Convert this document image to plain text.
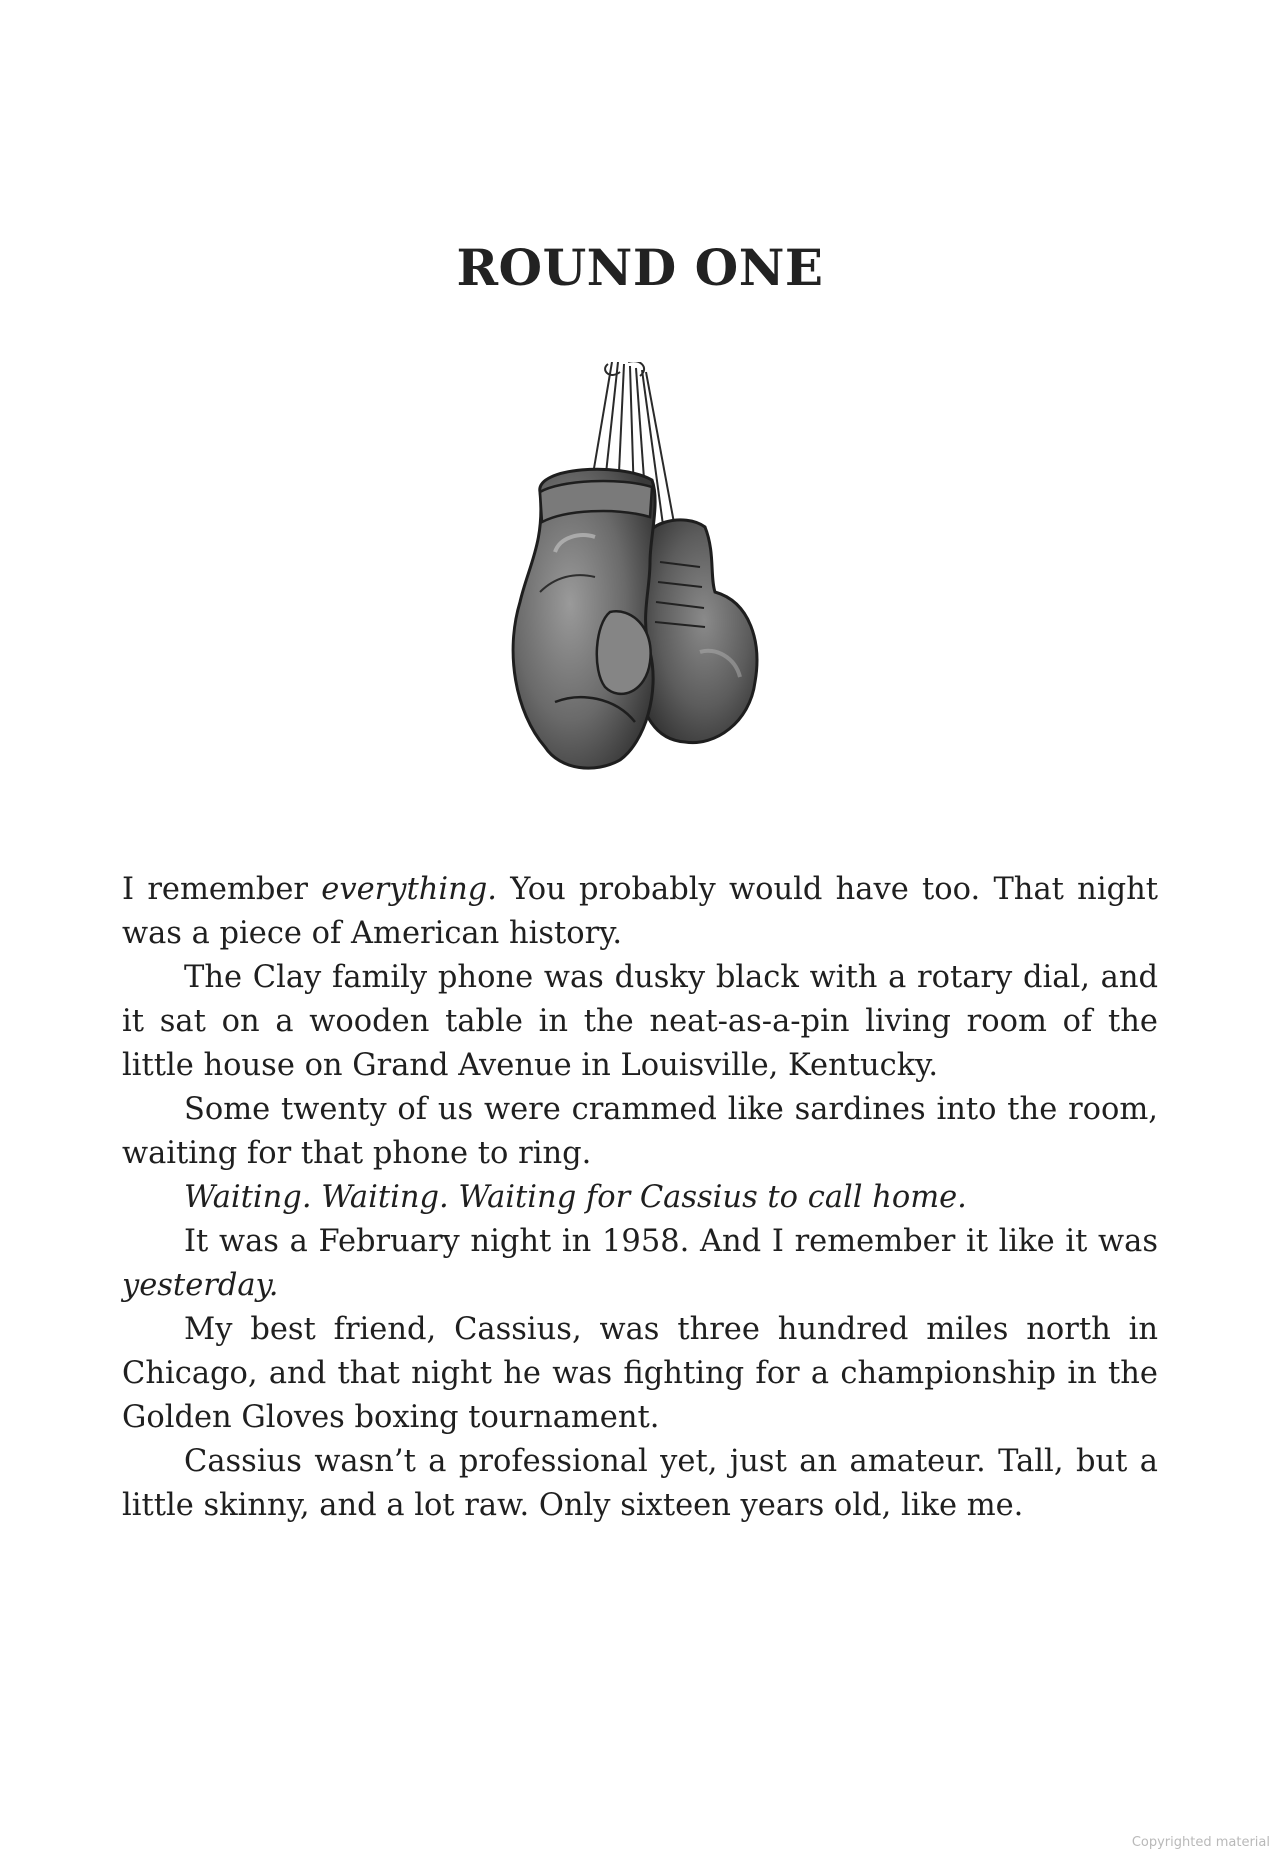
ROUND ONE

I remember everything. You probably would have too. That night was a piece of American history.

The Clay family phone was dusky black with a rotary dial, and it sat on a wooden table in the neat-as-a-pin living room of the little house on Grand Avenue in Louisville, Kentucky.

Some twenty of us were crammed like sardines into the room, waiting for that phone to ring.

Waiting. Waiting. Waiting for Cassius to call home.

It was a February night in 1958. And I remember it like it was yesterday.

My best friend, Cassius, was three hundred miles north in Chicago, and that night he was fighting for a championship in the Golden Gloves boxing tournament.

Cassius wasn’t a professional yet, just an amateur. Tall, but a little skinny, and a lot raw. Only sixteen years old, like me.

Copyrighted material
